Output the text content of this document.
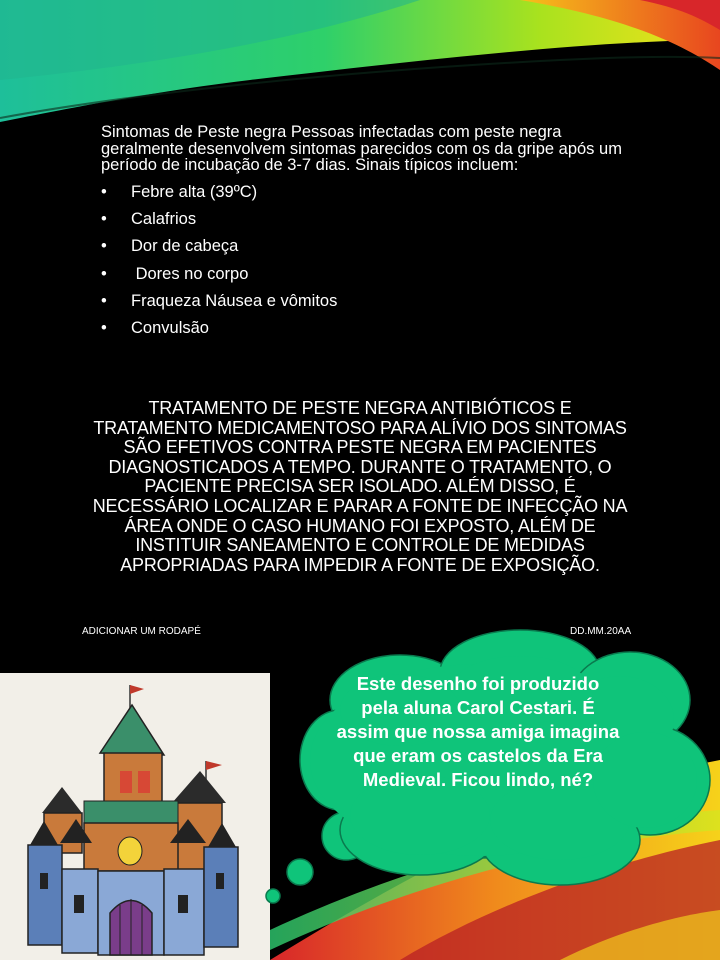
Sintomas de Peste negra Pessoas infectadas com peste negra geralmente desenvolvem sintomas parecidos com os da gripe após um período de incubação de 3-7 dias. Sinais típicos incluem:

• Febre alta (39ºC)
• Calafrios
• Dor de cabeça
• Dores no corpo
• Fraqueza Náusea e vômitos
• Convulsão
TRATAMENTO DE PESTE NEGRA ANTIBIÓTICOS E TRATAMENTO MEDICAMENTOSO PARA ALÍVIO DOS SINTOMAS SÃO EFETIVOS CONTRA PESTE NEGRA EM PACIENTES DIAGNOSTICADOS A TEMPO. DURANTE O TRATAMENTO, O PACIENTE PRECISA SER ISOLADO. ALÉM DISSO, É NECESSÁRIO LOCALIZAR E PARAR A FONTE DE INFECÇÃO NA ÁREA ONDE O CASO HUMANO FOI EXPOSTO, ALÉM DE INSTITUIR SANEAMENTO E CONTROLE DE MEDIDAS APROPRIADAS PARA IMPEDIR A FONTE DE EXPOSIÇÃO.
ADICIONAR UM RODAPÉ	DD.MM.20AA
Este desenho foi produzido pela aluna Carol Cestari. É assim que nossa amiga imagina que eram os castelos da Era Medieval. Ficou lindo, né?
